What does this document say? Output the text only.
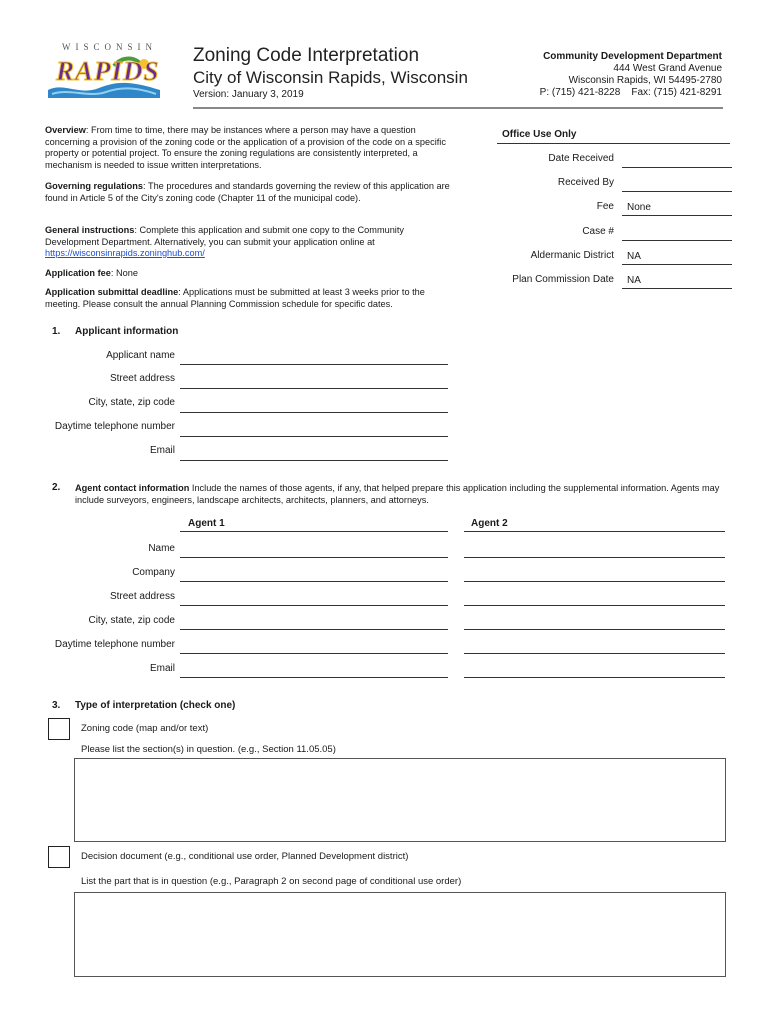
WISCONSIN
RAPIDS
Zoning Code Interpretation
City of Wisconsin Rapids, Wisconsin
Version: January 3, 2019
Community Development Department
444 West Grand Avenue
Wisconsin Rapids, WI 54495-2780
P: (715) 421-8228    Fax: (715) 421-8291
Overview: From time to time, there may be instances where a person may have a question concerning a provision of the zoning code or the application of a provision of the code on a specific property or potential project. To ensure the zoning regulations are consistently interpreted, a mechanism is needed to issue written interpretations.
Governing regulations: The procedures and standards governing the review of this application are found in Article 5 of the City's zoning code (Chapter 11 of the municipal code).
General instructions: Complete this application and submit one copy to the Community Development Department. Alternatively, you can submit your application online at https://wisconsinrapids.zoninghub.com/
Application fee: None
Application submittal deadline: Applications must be submitted at least 3 weeks prior to the meeting. Please consult the annual Planning Commission schedule for specific dates.
Office Use Only
Date Received
Received By
Fee	None
Case #
Aldermanic District	NA
Plan Commission Date	NA
1. Applicant information
Applicant name
Street address
City, state, zip code
Daytime telephone number
Email
2. Agent contact information Include the names of those agents, if any, that helped prepare this application including the supplemental information. Agents may include surveyors, engineers, landscape architects, architects, planners, and attorneys.
Agent 1	Agent 2
Name
Company
Street address
City, state, zip code
Daytime telephone number
Email
3. Type of interpretation (check one)
Zoning code (map and/or text)
Please list the section(s) in question. (e.g., Section 11.05.05)
Decision document (e.g., conditional use order, Planned Development district)
List the part that is in question (e.g., Paragraph 2 on second page of conditional use order)
